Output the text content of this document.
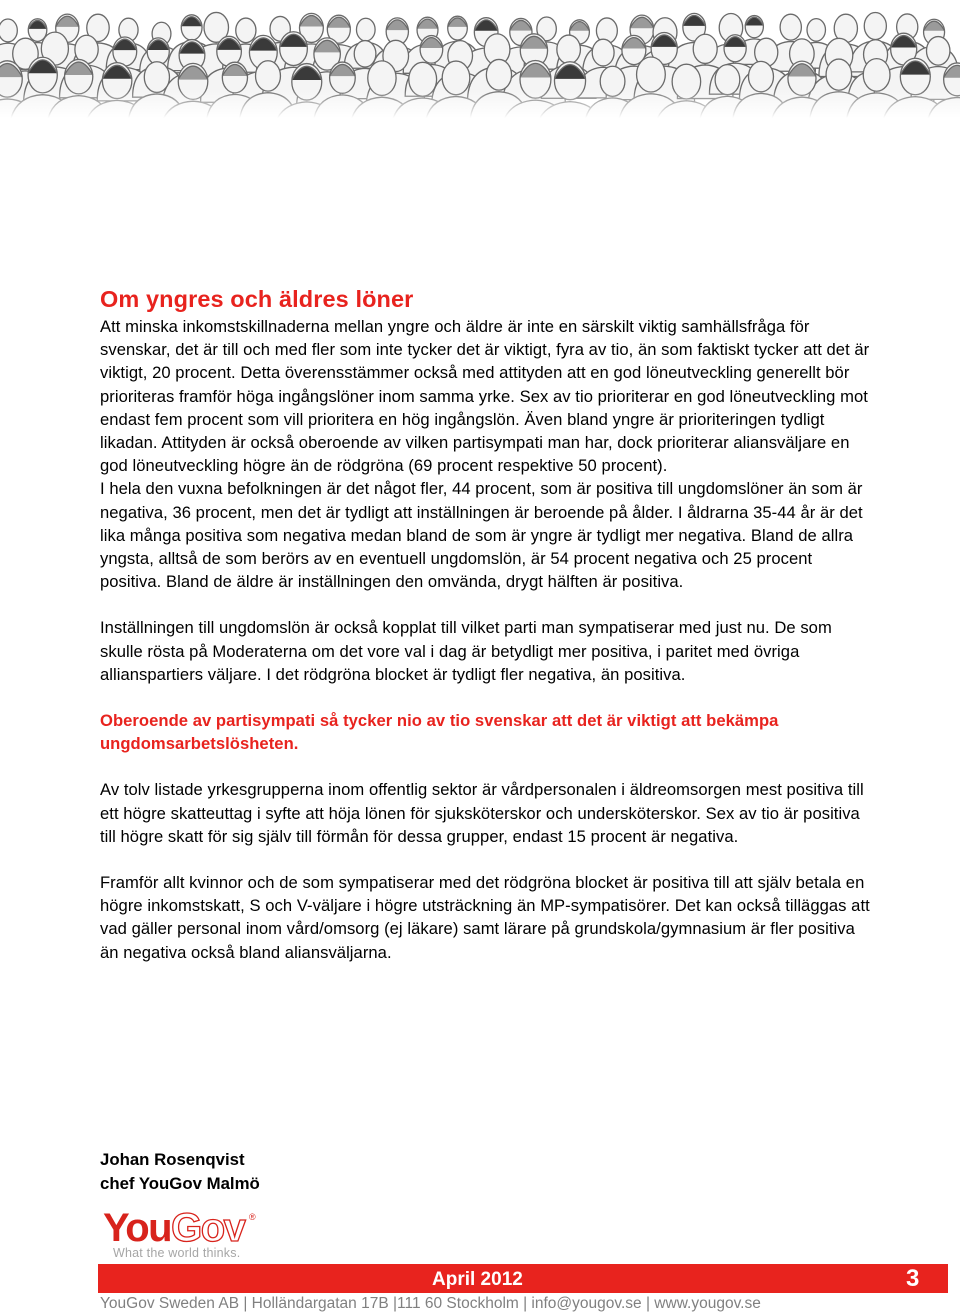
Om yngres och äldres löner

Att minska inkomstskillnaderna mellan yngre och äldre är inte en särskilt viktig samhällsfråga för svenskar, det är till och med fler som inte tycker det är viktigt, fyra av tio, än som faktiskt tycker att det är viktigt, 20 procent. Detta överensstämmer också med attityden att en god löneutveckling generellt bör prioriteras framför höga ingångslöner inom samma yrke. Sex av tio prioriterar en god löneutveckling mot endast fem procent som vill prioritera en hög ingångslön. Även bland yngre är prioriteringen tydligt likadan. Attityden är också oberoende av vilken partisympati man har, dock prioriterar aliansväljare en god löneutveckling högre än de rödgröna (69 procent respektive 50 procent).

I hela den vuxna befolkningen är det något fler, 44 procent, som är positiva till ungdomslöner än som är negativa, 36 procent, men det är tydligt att inställningen är beroende på ålder. I åldrarna 35-44 år är det lika många positiva som negativa medan bland de som är yngre är tydligt mer negativa. Bland de allra yngsta, alltså de som berörs av en eventuell ungdomslön, är 54 procent negativa och 25 procent positiva. Bland de äldre är inställningen den omvända, drygt hälften är positiva.

Inställningen till ungdomslön är också kopplat till vilket parti man sympatiserar med just nu. De som skulle rösta på Moderaterna om det vore val i dag är betydligt mer positiva, i paritet med övriga allianspartiers väljare. I det rödgröna blocket är tydligt fler negativa, än positiva.

Oberoende av partisympati så tycker nio av tio svenskar att det är viktigt att bekämpa ungdomsarbetslösheten.

Av tolv listade yrkesgrupperna inom offentlig sektor är vårdpersonalen i äldreomsorgen mest positiva till ett högre skatteuttag i syfte att höja lönen för sjuksköterskor och undersköterskor. Sex av tio är positiva till högre skatt för sig själv till förmån för dessa grupper, endast 15 procent är negativa.

Framför allt kvinnor och de som sympatiserar med det rödgröna blocket är positiva till att själv betala en högre inkomstskatt, S och V-väljare i högre utsträckning än MP-sympatisörer. Det kan också tilläggas att vad gäller personal inom vård/omsorg (ej läkare) samt lärare på grundskola/gymnasium är fler positiva än negativa också bland aliansväljarna.

Johan Rosenqvist
chef YouGov Malmö
YouGov ®
What the world thinks.
April 2012	3
YouGov Sweden AB | Holländargatan 17B |111 60 Stockholm | info@yougov.se | www.yougov.se
